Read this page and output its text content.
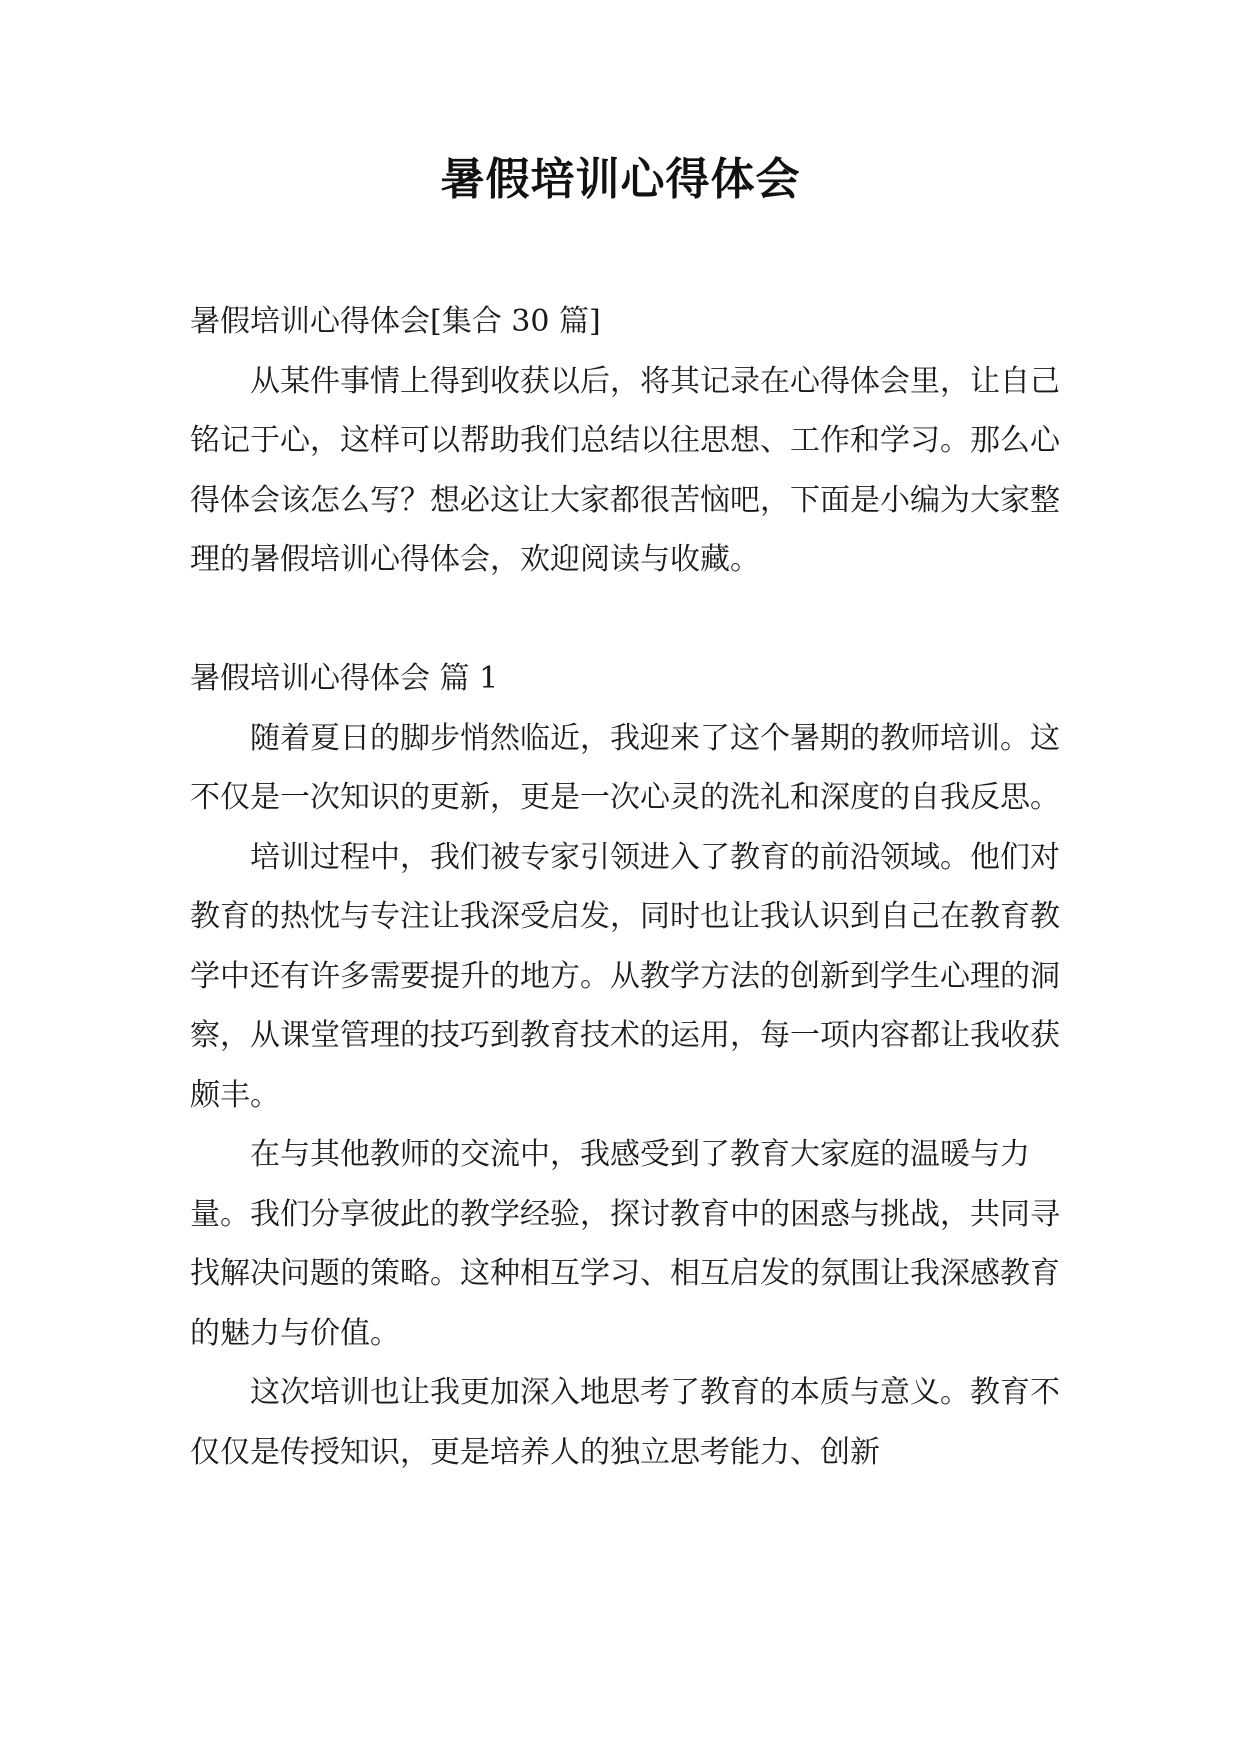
暑假培训心得体会

暑假培训心得体会[集合 30 篇]

从某件事情上得到收获以后，将其记录在心得体会里，让自己铭记于心，这样可以帮助我们总结以往思想、工作和学习。那么心得体会该怎么写？想必这让大家都很苦恼吧，下面是小编为大家整理的暑假培训心得体会，欢迎阅读与收藏。

暑假培训心得体会 篇 1

随着夏日的脚步悄然临近，我迎来了这个暑期的教师培训。这不仅是一次知识的更新，更是一次心灵的洗礼和深度的自我反思。

培训过程中，我们被专家引领进入了教育的前沿领域。他们对教育的热忱与专注让我深受启发，同时也让我认识到自己在教育教学中还有许多需要提升的地方。从教学方法的创新到学生心理的洞察，从课堂管理的技巧到教育技术的运用，每一项内容都让我收获颇丰。

在与其他教师的交流中，我感受到了教育大家庭的温暖与力量。我们分享彼此的教学经验，探讨教育中的困惑与挑战，共同寻找解决问题的策略。这种相互学习、相互启发的氛围让我深感教育的魅力与价值。

这次培训也让我更加深入地思考了教育的本质与意义。教育不仅仅是传授知识，更是培养人的独立思考能力、创新
